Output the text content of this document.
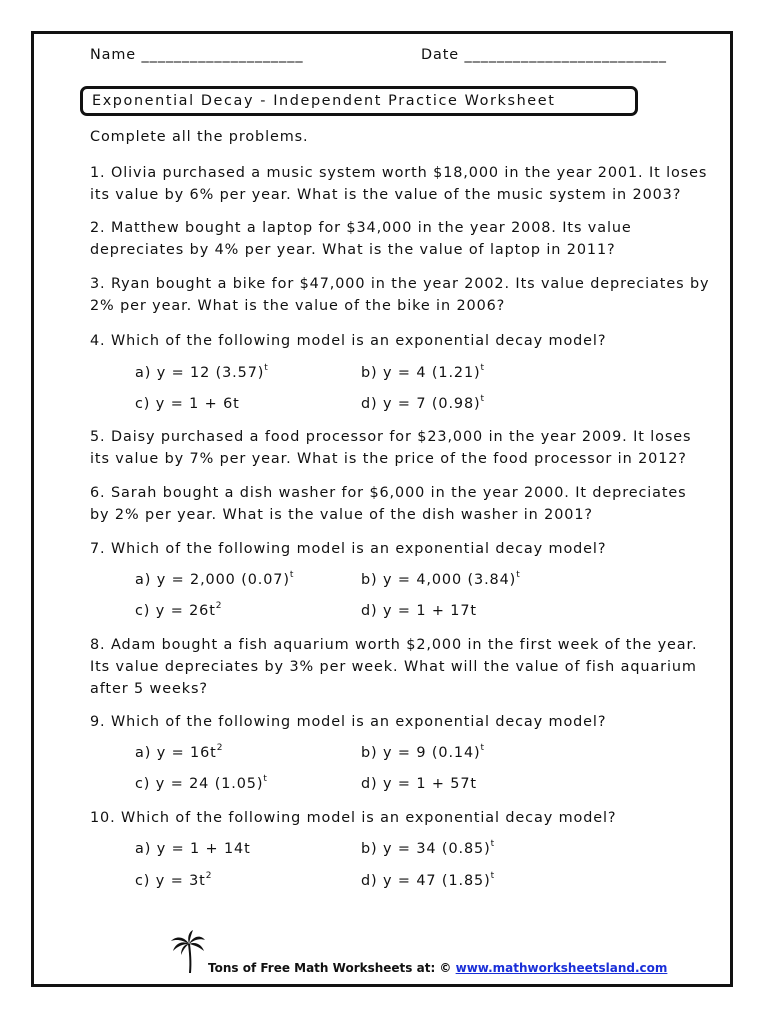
Name ____________________	Date _________________________
Exponential Decay - Independent Practice Worksheet
Complete all the problems.
1. Olivia purchased a music system worth $18,000 in the year 2001. It loses
its value by 6% per year. What is the value of the music system in 2003?
2. Matthew bought a laptop for $34,000 in the year 2008. Its value
depreciates by 4% per year. What is the value of laptop in 2011?
3. Ryan bought a bike for $47,000 in the year 2002. Its value depreciates by
2% per year. What is the value of the bike in 2006?
4. Which of the following model is an exponential decay model?
a) y = 12 $(3.57)^t$	b) y = 4 $(1.21)^t$
c) y = 1 + 6t	d) y = 7 $(0.98)^t$
5. Daisy purchased a food processor for $23,000 in the year 2009. It loses
its value by 7% per year. What is the price of the food processor in 2012?
6. Sarah bought a dish washer for $6,000 in the year 2000. It depreciates
by 2% per year. What is the value of the dish washer in 2001?
7. Which of the following model is an exponential decay model?
a) y = 2,000 $(0.07)^t$	b) y = 4,000 $(3.84)^t$
c) $y = 26t^2$	d) y = 1 + 17t
8. Adam bought a fish aquarium worth $2,000 in the first week of the year.
Its value depreciates by 3% per week. What will the value of fish aquarium
after 5 weeks?
9. Which of the following model is an exponential decay model?
a) $y = 16t^2$	b) y = 9 $(0.14)^t$
c) y = 24 $(1.05)^t$	d) y = 1 + 57t
10. Which of the following model is an exponential decay model?
a) y = 1 + 14t	b) y = 34 $(0.85)^t$
c) $y = 3t^2$	d) y = 47 $(1.85)^t$
Tons of Free Math Worksheets at: © www.mathworksheetsland.com
